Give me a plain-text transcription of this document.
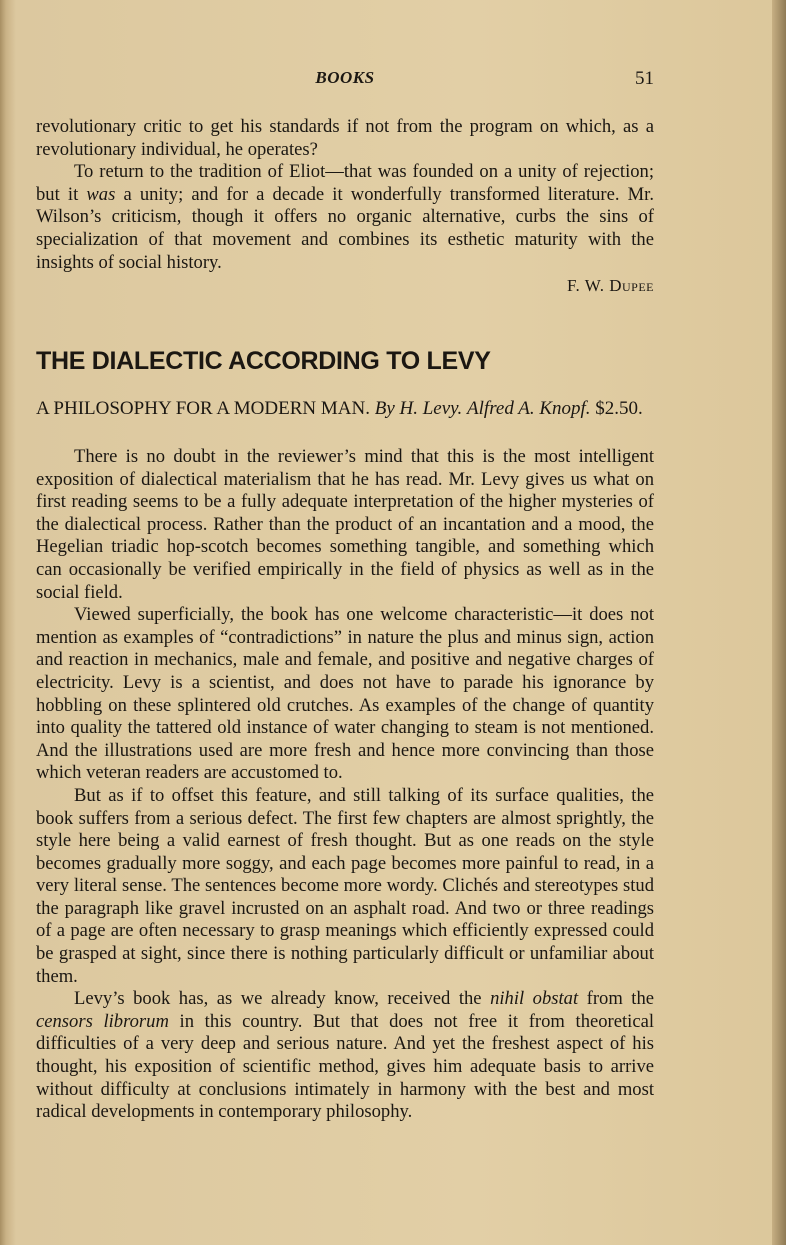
BOOKS	51

revolutionary critic to get his standards if not from the program on which, as a revolutionary individual, he operates?

To return to the tradition of Eliot—that was founded on a unity of rejection; but it was a unity; and for a decade it wonderfully transformed literature. Mr. Wilson’s criticism, though it offers no organic alternative, curbs the sins of specialization of that movement and combines its esthetic maturity with the insights of social history.

F. W. Dupee
THE DIALECTIC ACCORDING TO LEVY
A PHILOSOPHY FOR A MODERN MAN. By H. Levy. Alfred A. Knopf. $2.50.

There is no doubt in the reviewer’s mind that this is the most intelligent exposition of dialectical materialism that he has read. Mr. Levy gives us what on first reading seems to be a fully adequate interpretation of the higher mysteries of the dialectical process. Rather than the product of an incantation and a mood, the Hegelian triadic hop-scotch becomes something tangible, and something which can occasionally be verified empirically in the field of physics as well as in the social field.

Viewed superficially, the book has one welcome characteristic—it does not mention as examples of “contradictions” in nature the plus and minus sign, action and reaction in mechanics, male and female, and positive and negative charges of electricity. Levy is a scientist, and does not have to parade his ignorance by hobbling on these splintered old crutches. As examples of the change of quantity into quality the tattered old instance of water changing to steam is not mentioned. And the illustrations used are more fresh and hence more convincing than those which veteran readers are accustomed to.

But as if to offset this feature, and still talking of its surface qualities, the book suffers from a serious defect. The first few chapters are almost sprightly, the style here being a valid earnest of fresh thought. But as one reads on the style becomes gradually more soggy, and each page becomes more painful to read, in a very literal sense. The sentences become more wordy. Clichés and stereotypes stud the paragraph like gravel incrusted on an asphalt road. And two or three readings of a page are often necessary to grasp meanings which efficiently expressed could be grasped at sight, since there is nothing particularly difficult or unfamiliar about them.

Levy’s book has, as we already know, received the nihil obstat from the censors librorum in this country. But that does not free it from theoretical difficulties of a very deep and serious nature. And yet the freshest aspect of his thought, his exposition of scientific method, gives him adequate basis to arrive without difficulty at conclusions intimately in harmony with the best and most radical developments in contemporary philosophy.
